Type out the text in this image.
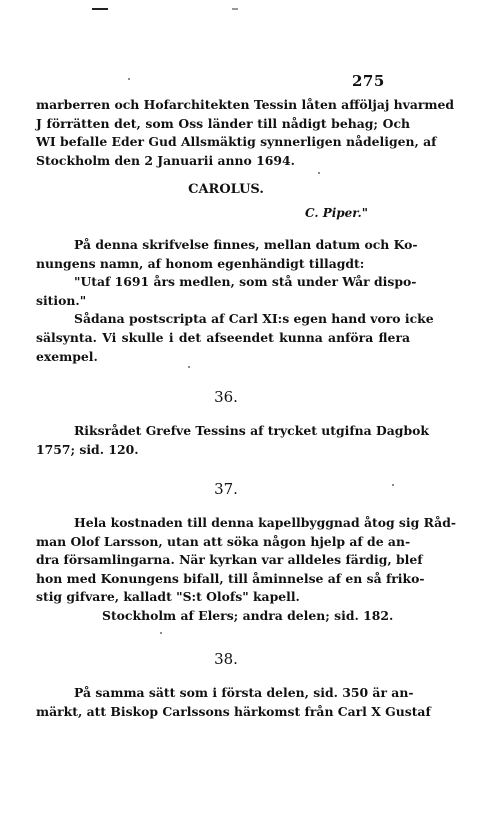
275
marberren och Hofarchitekten Tessin låten afföljaj hvarmed
J förrätten det, som Oss länder till nådigt behag; Och
WI befalle Eder Gud Allsmäktig synnerligen nådeligen, af
Stockholm den 2 Januarii anno 1694.
CAROLUS.
C. Piper."
På denna skrifvelse finnes, mellan datum och Ko-
nungens namn, af honom egenhändigt tillagdt:
"Utaf 1691 års medlen, som stå under Wår dispo-
sition."
Sådana postscripta af Carl XI:s egen hand voro icke
sälsynta. Vi skulle i det afseendet kunna anföra flera
exempel.
36.
Riksrådet Grefve Tessins af trycket utgifna Dagbok
1757; sid. 120.
37.
Hela kostnaden till denna kapellbyggnad åtog sig Råd-
man Olof Larsson, utan att söka någon hjelp af de an-
dra församlingarna. När kyrkan var alldeles färdig, blef
hon med Konungens bifall, till åminnelse af en så friko-
stig gifvare, kalladt "S:t Olofs" kapell.
Stockholm af Elers; andra delen; sid. 182.
38.
På samma sätt som i första delen, sid. 350 är an-
märkt, att Biskop Carlssons härkomst från Carl X Gustaf
